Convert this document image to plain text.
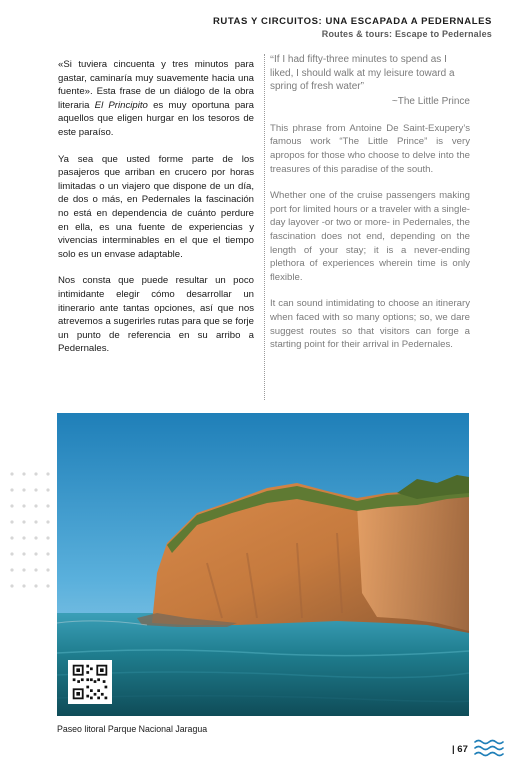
RUTAS Y CIRCUITOS: UNA ESCAPADA A PEDERNALES
Routes & tours: Escape to Pedernales

«Si tuviera cincuenta y tres minutos para gastar, caminaría muy suavemente hacia una fuente». Esta frase de un diálogo de la obra literaria El Principito es muy oportuna para aquellos que eligen hurgar en los tesoros de este paraíso.

Ya sea que usted forme parte de los pasajeros que arriban en crucero por horas limitadas o un viajero que dispone de un día, de dos o más, en Pedernales la fascinación no está en dependencia de cuánto perdure en ella, es una fuente de experiencias y vivencias interminables en el que el tiempo solo es un envase adaptable.

Nos consta que puede resultar un poco intimidante elegir cómo desarrollar un itinerario ante tantas opciones, así que nos atrevemos a sugerirles rutas para que se forje un punto de referencia en su arribo a Pedernales.

“If I had fifty-three minutes to spend as I liked, I should walk at my leisure toward a spring of fresh water”
~The Little Prince

This phrase from Antoine De Saint-Exupery’s famous work “The Little Prince” is very apropos for those who choose to delve into the treasures of this paradise of the south.

Whether one of the cruise passengers making port for limited hours or a traveler with a single-day layover -or two or more- in Pedernales, the fascination does not end, depending on the length of your stay; it is a never-ending plethora of experiences wherein time is only flexible.

It can sound intimidating to choose an itinerary when faced with so many options; so, we dare suggest routes so that visitors can forge a starting point for their arrival in Pedernales.

Paseo litoral Parque Nacional Jaragua
| 67
